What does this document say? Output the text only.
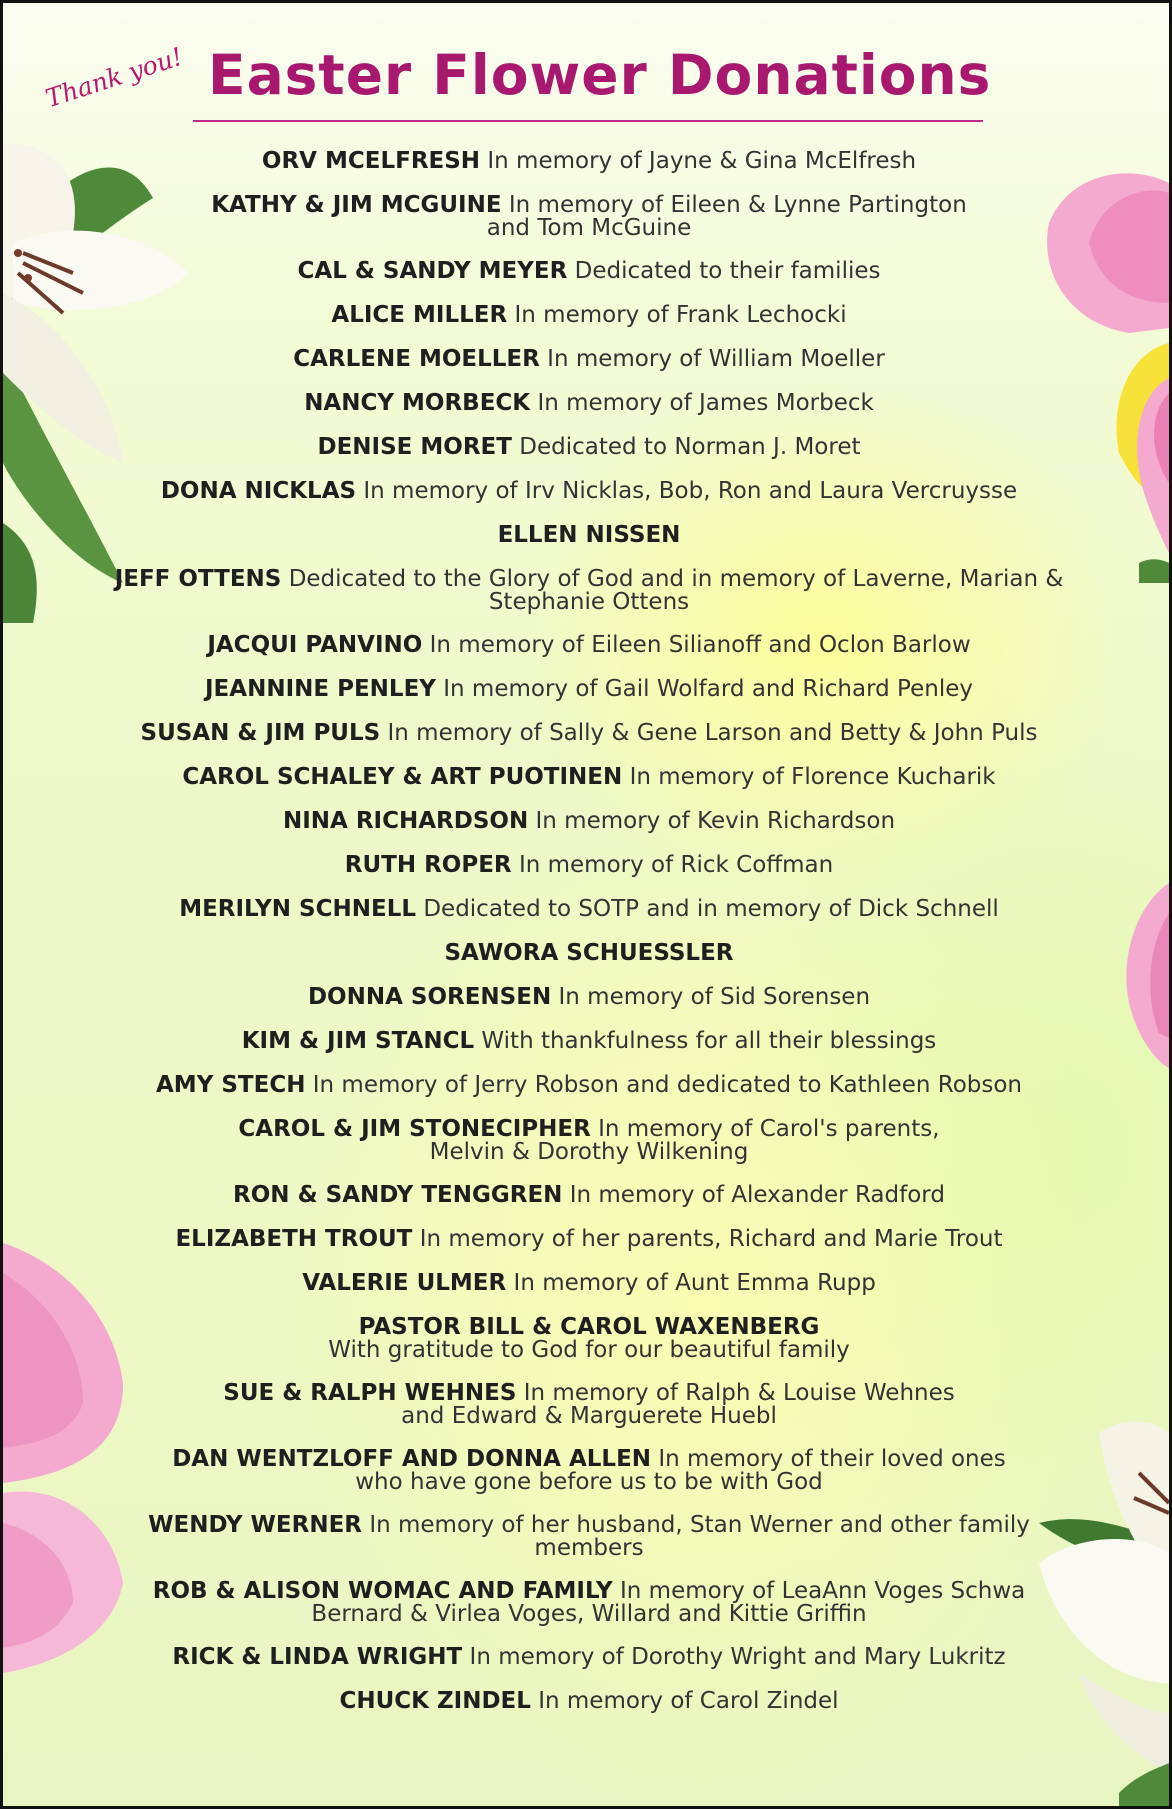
Thank you! Easter Flower Donations
ORV MCELFRESH In memory of Jayne & Gina McElfresh
KATHY & JIM MCGUINE In memory of Eileen & Lynne Partington
and Tom McGuine
CAL & SANDY MEYER Dedicated to their families
ALICE MILLER In memory of Frank Lechocki
CARLENE MOELLER In memory of William Moeller
NANCY MORBECK In memory of James Morbeck
DENISE MORET Dedicated to Norman J. Moret
DONA NICKLAS In memory of Irv Nicklas, Bob, Ron and Laura Vercruysse
ELLEN NISSEN
JEFF OTTENS Dedicated to the Glory of God and in memory of Laverne, Marian &
Stephanie Ottens
JACQUI PANVINO In memory of Eileen Silianoff and Oclon Barlow
JEANNINE PENLEY In memory of Gail Wolfard and Richard Penley
SUSAN & JIM PULS In memory of Sally & Gene Larson and Betty & John Puls
CAROL SCHALEY & ART PUOTINEN In memory of Florence Kucharik
NINA RICHARDSON In memory of Kevin Richardson
RUTH ROPER In memory of Rick Coffman
MERILYN SCHNELL Dedicated to SOTP and in memory of Dick Schnell
SAWORA SCHUESSLER
DONNA SORENSEN In memory of Sid Sorensen
KIM & JIM STANCL With thankfulness for all their blessings
AMY STECH In memory of Jerry Robson and dedicated to Kathleen Robson
CAROL & JIM STONECIPHER In memory of Carol's parents,
Melvin & Dorothy Wilkening
RON & SANDY TENGGREN In memory of Alexander Radford
ELIZABETH TROUT In memory of her parents, Richard and Marie Trout
VALERIE ULMER In memory of Aunt Emma Rupp
PASTOR BILL & CAROL WAXENBERG
With gratitude to God for our beautiful family
SUE & RALPH WEHNES In memory of Ralph & Louise Wehnes
and Edward & Marguerete Huebl
DAN WENTZLOFF AND DONNA ALLEN In memory of their loved ones
who have gone before us to be with God
WENDY WERNER In memory of her husband, Stan Werner and other family
members
ROB & ALISON WOMAC AND FAMILY In memory of LeaAnn Voges Schwa
Bernard & Virlea Voges, Willard and Kittie Griffin
RICK & LINDA WRIGHT In memory of Dorothy Wright and Mary Lukritz
CHUCK ZINDEL In memory of Carol Zindel
